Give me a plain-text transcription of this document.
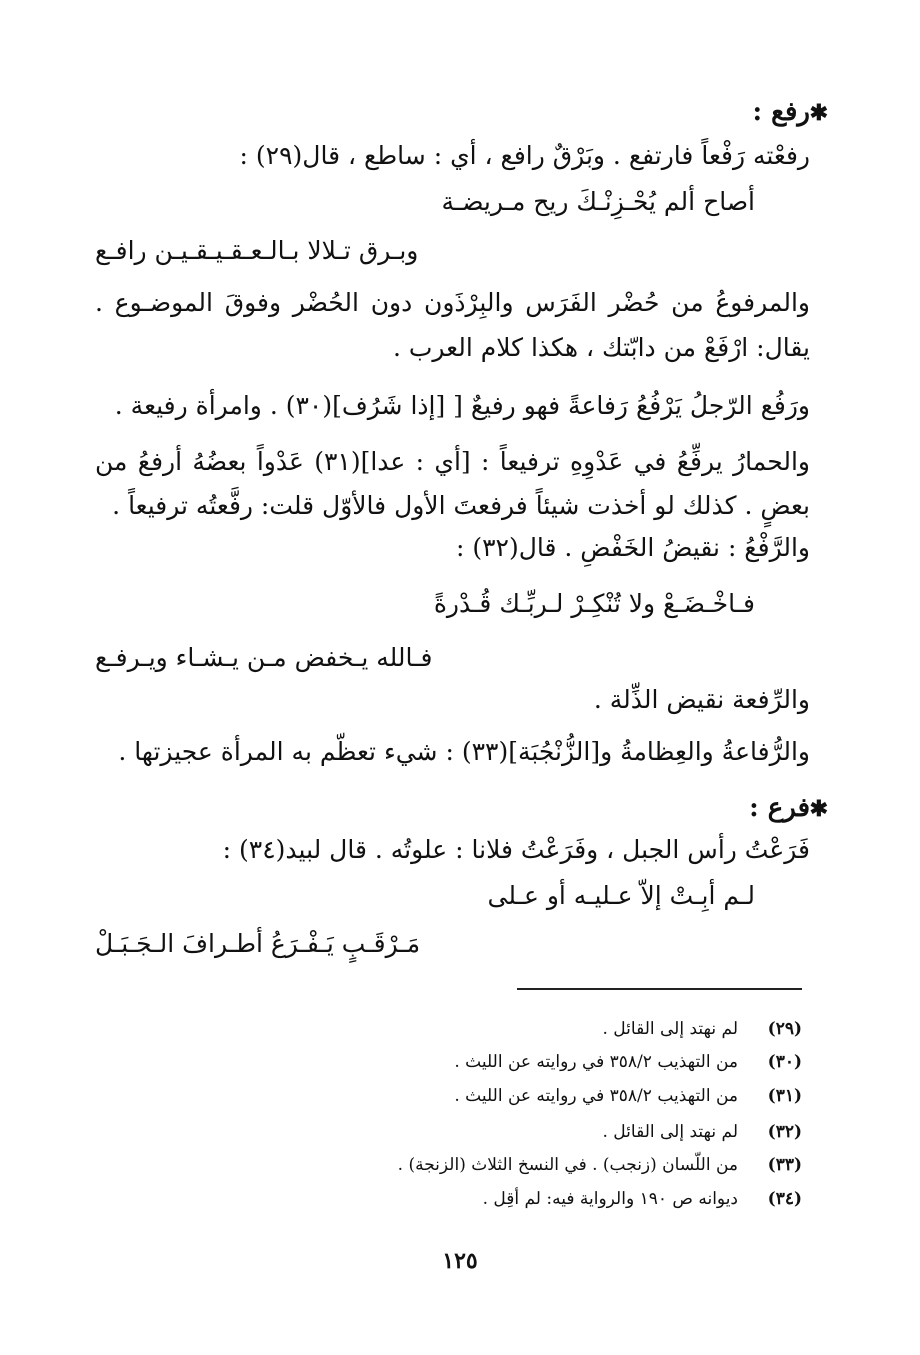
✱
رفع :
رفعْته رَفْعاً فارتفع . وبَرْقٌ رافع ، أي : ساطع ، قال(٢٩) :
أصاح ألم يُحْـزِنْـكَ ريح مـريضـة
وبـرق تـلالا بـالـعـقـيـقـيـن رافـع
والمرفوعُ من حُضْر الفَرَس والبِرْذَون دون الحُضْر وفوقَ الموضـوع .
يقال: ارْفَعْ من دابّتك ، هكذا كلام العرب .
ورَفُع الرّجلُ يَرْفُعُ رَفاعةً فهو رفيعٌ [ [إذا شَرُف](٣٠) . وامرأة رفيعة .
والحمارُ يرفِّعُ في عَدْوِهِ ترفيعاً : [أي : عدا](٣١) عَدْواً بعضُهُ أرفعُ من
بعضٍ . كذلك لو أخذت شيئاً فرفعتَ الأول فالأوّل قلت: رفَّعتُه ترفيعاً .
والرَّفْعُ : نقيضُ الخَفْضِ . قال(٣٢) :
فـاخْـضَـعْ ولا تُنْكِـرْ لـربِّـك قُـدْرةً
فـالله يـخفض مـن يـشـاء ويـرفـع
والرِّفعة نقيض الذِّلة .
والرُّفاعةُ والعِظامةُ و[الزُّنْجُبَة](٣٣) : شيء تعظّم به المرأة عجيزتها .
✱
فرع :
فَرَعْتُ رأس الجبل ، وفَرَعْتُ فلانا : علوتُه . قال لبيد(٣٤) :
لـم أبِـتْ إلاّ عـليـه أو عـلى
مَـرْقَـبٍ يَـفْـرَعُ أطـرافَ الـجَـبَـلْ
(٢٩)
لم نهتد إلى القائل .
(٣٠)
من التهذيب ٣٥٨/٢ في روايته عن الليث .
(٣١)
من التهذيب ٣٥٨/٢ في روايته عن الليث .
(٣٢)
لم نهتد إلى القائل .
(٣٣)
من اللّسان (زنجب) . في النسخ الثلاث (الزنجة) .
(٣٤)
ديوانه ص ١٩٠ والرواية فيه: لم أقِل .
١٢٥
